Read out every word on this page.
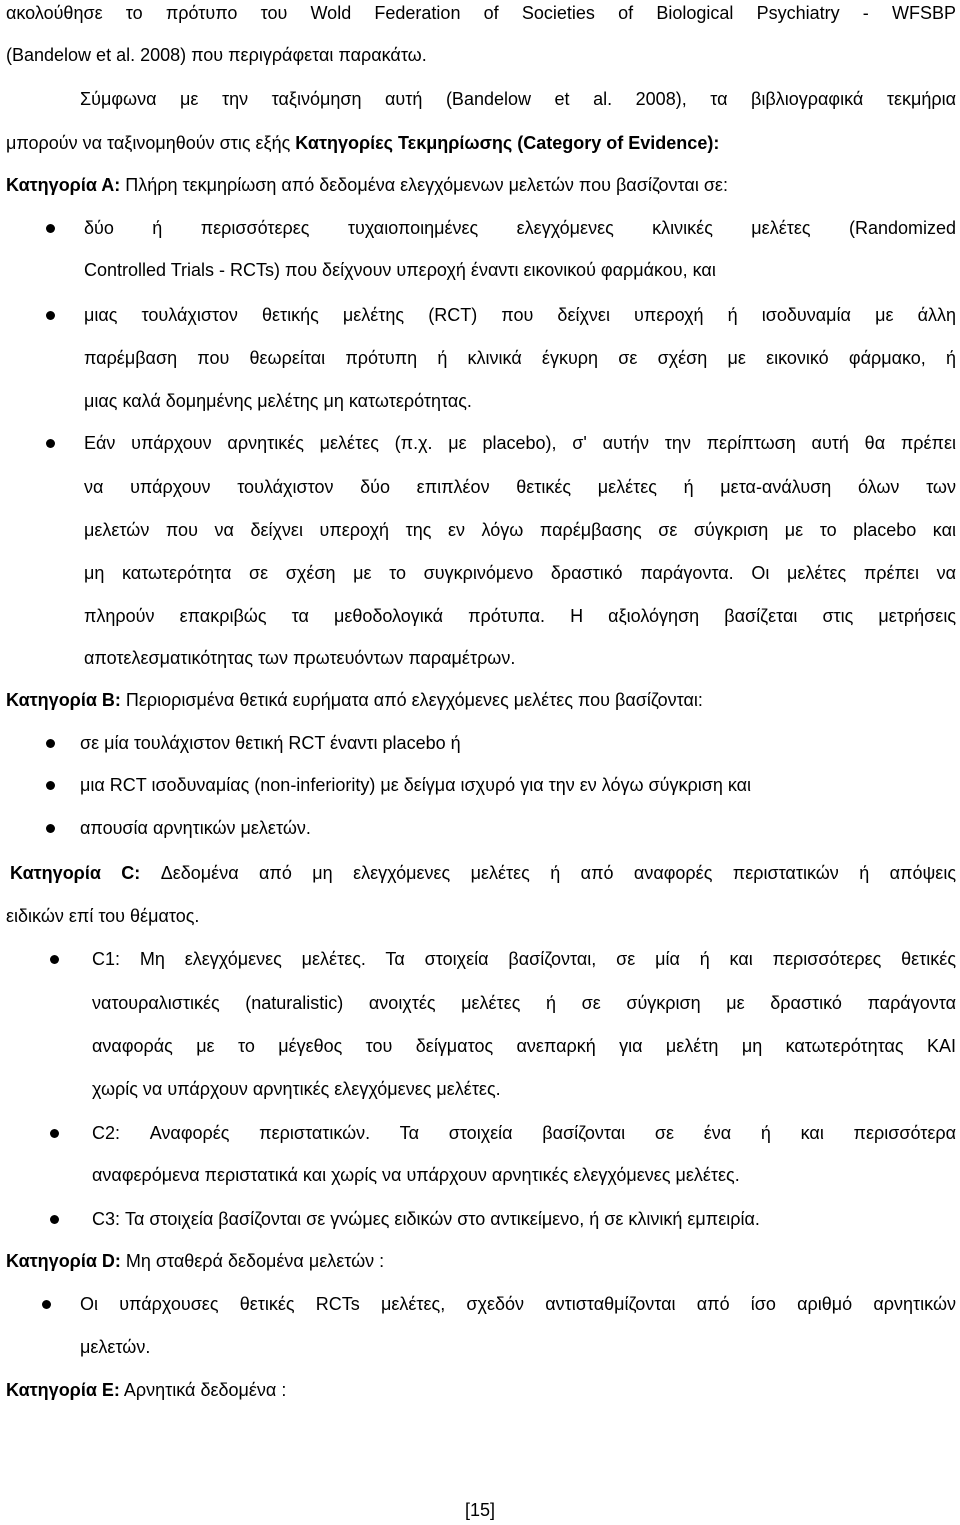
ακολούθησε το πρότυπο του Wold Federation of Societies of Biological Psychiatry - WFSBP
(Bandelow et al. 2008) που περιγράφεται παρακάτω.
Σύμφωνα με την ταξινόμηση αυτή (Bandelow et al. 2008), τα βιβλιογραφικά τεκμήρια
μπορούν να ταξινομηθούν στις εξής Κατηγορίες Τεκμηρίωσης (Category of Evidence):
Κατηγορία Α: Πλήρη τεκμηρίωση από δεδομένα ελεγχόμενων μελετών που βασίζονται σε:
δύο ή περισσότερες τυχαιοποιημένες ελεγχόμενες κλινικές μελέτες (Randomized
Controlled Trials - RCTs) που δείχνουν υπεροχή έναντι εικονικού φαρμάκου, και
μιας τουλάχιστον θετικής μελέτης (RCT) που δείχνει υπεροχή ή ισοδυναμία με άλλη
παρέμβαση που θεωρείται πρότυπη ή κλινικά έγκυρη σε σχέση με εικονικό φάρμακο, ή
μιας καλά δομημένης μελέτης μη κατωτερότητας.
Εάν υπάρχουν αρνητικές μελέτες (π.χ. με placebo), σ' αυτήν την περίπτωση αυτή θα πρέπει
να υπάρχουν τουλάχιστον δύο επιπλέον θετικές μελέτες ή μετα-ανάλυση όλων των
μελετών που να δείχνει υπεροχή της εν λόγω παρέμβασης σε σύγκριση με το placebo και
μη κατωτερότητα σε σχέση με το συγκρινόμενο δραστικό παράγοντα. Οι μελέτες πρέπει να
πληρούν επακριβώς τα μεθοδολογικά πρότυπα. Η αξιολόγηση βασίζεται στις μετρήσεις
αποτελεσματικότητας των πρωτευόντων παραμέτρων.
Κατηγορία Β: Περιορισμένα θετικά ευρήματα από ελεγχόμενες μελέτες που βασίζονται:
σε μία τουλάχιστον θετική RCT έναντι placebo ή
μια RCT ισοδυναμίας (non-inferiority) με δείγμα ισχυρό για την εν λόγω σύγκριση και
απουσία αρνητικών μελετών.
Κατηγορία C: Δεδομένα από μη ελεγχόμενες μελέτες ή από αναφορές περιστατικών ή απόψεις
ειδικών επί του θέματος.
C1: Μη ελεγχόμενες μελέτες. Τα στοιχεία βασίζονται, σε μία ή και περισσότερες θετικές
νατουραλιστικές (naturalistic) ανοιχτές μελέτες ή σε σύγκριση με δραστικό παράγοντα
αναφοράς με το μέγεθος του δείγματος ανεπαρκή για μελέτη μη κατωτερότητας ΚΑΙ
χωρίς να υπάρχουν αρνητικές ελεγχόμενες μελέτες.
C2: Αναφορές περιστατικών. Τα στοιχεία βασίζονται σε ένα ή και περισσότερα
αναφερόμενα περιστατικά και χωρίς να υπάρχουν αρνητικές ελεγχόμενες μελέτες.
C3: Τα στοιχεία βασίζονται σε γνώμες ειδικών στο αντικείμενο, ή σε κλινική εμπειρία.
Κατηγορία D: Μη σταθερά δεδομένα μελετών :
Οι υπάρχουσες θετικές RCTs μελέτες, σχεδόν αντισταθμίζονται από ίσο αριθμό αρνητικών
μελετών.
Κατηγορία Ε: Αρνητικά δεδομένα :
[15]
